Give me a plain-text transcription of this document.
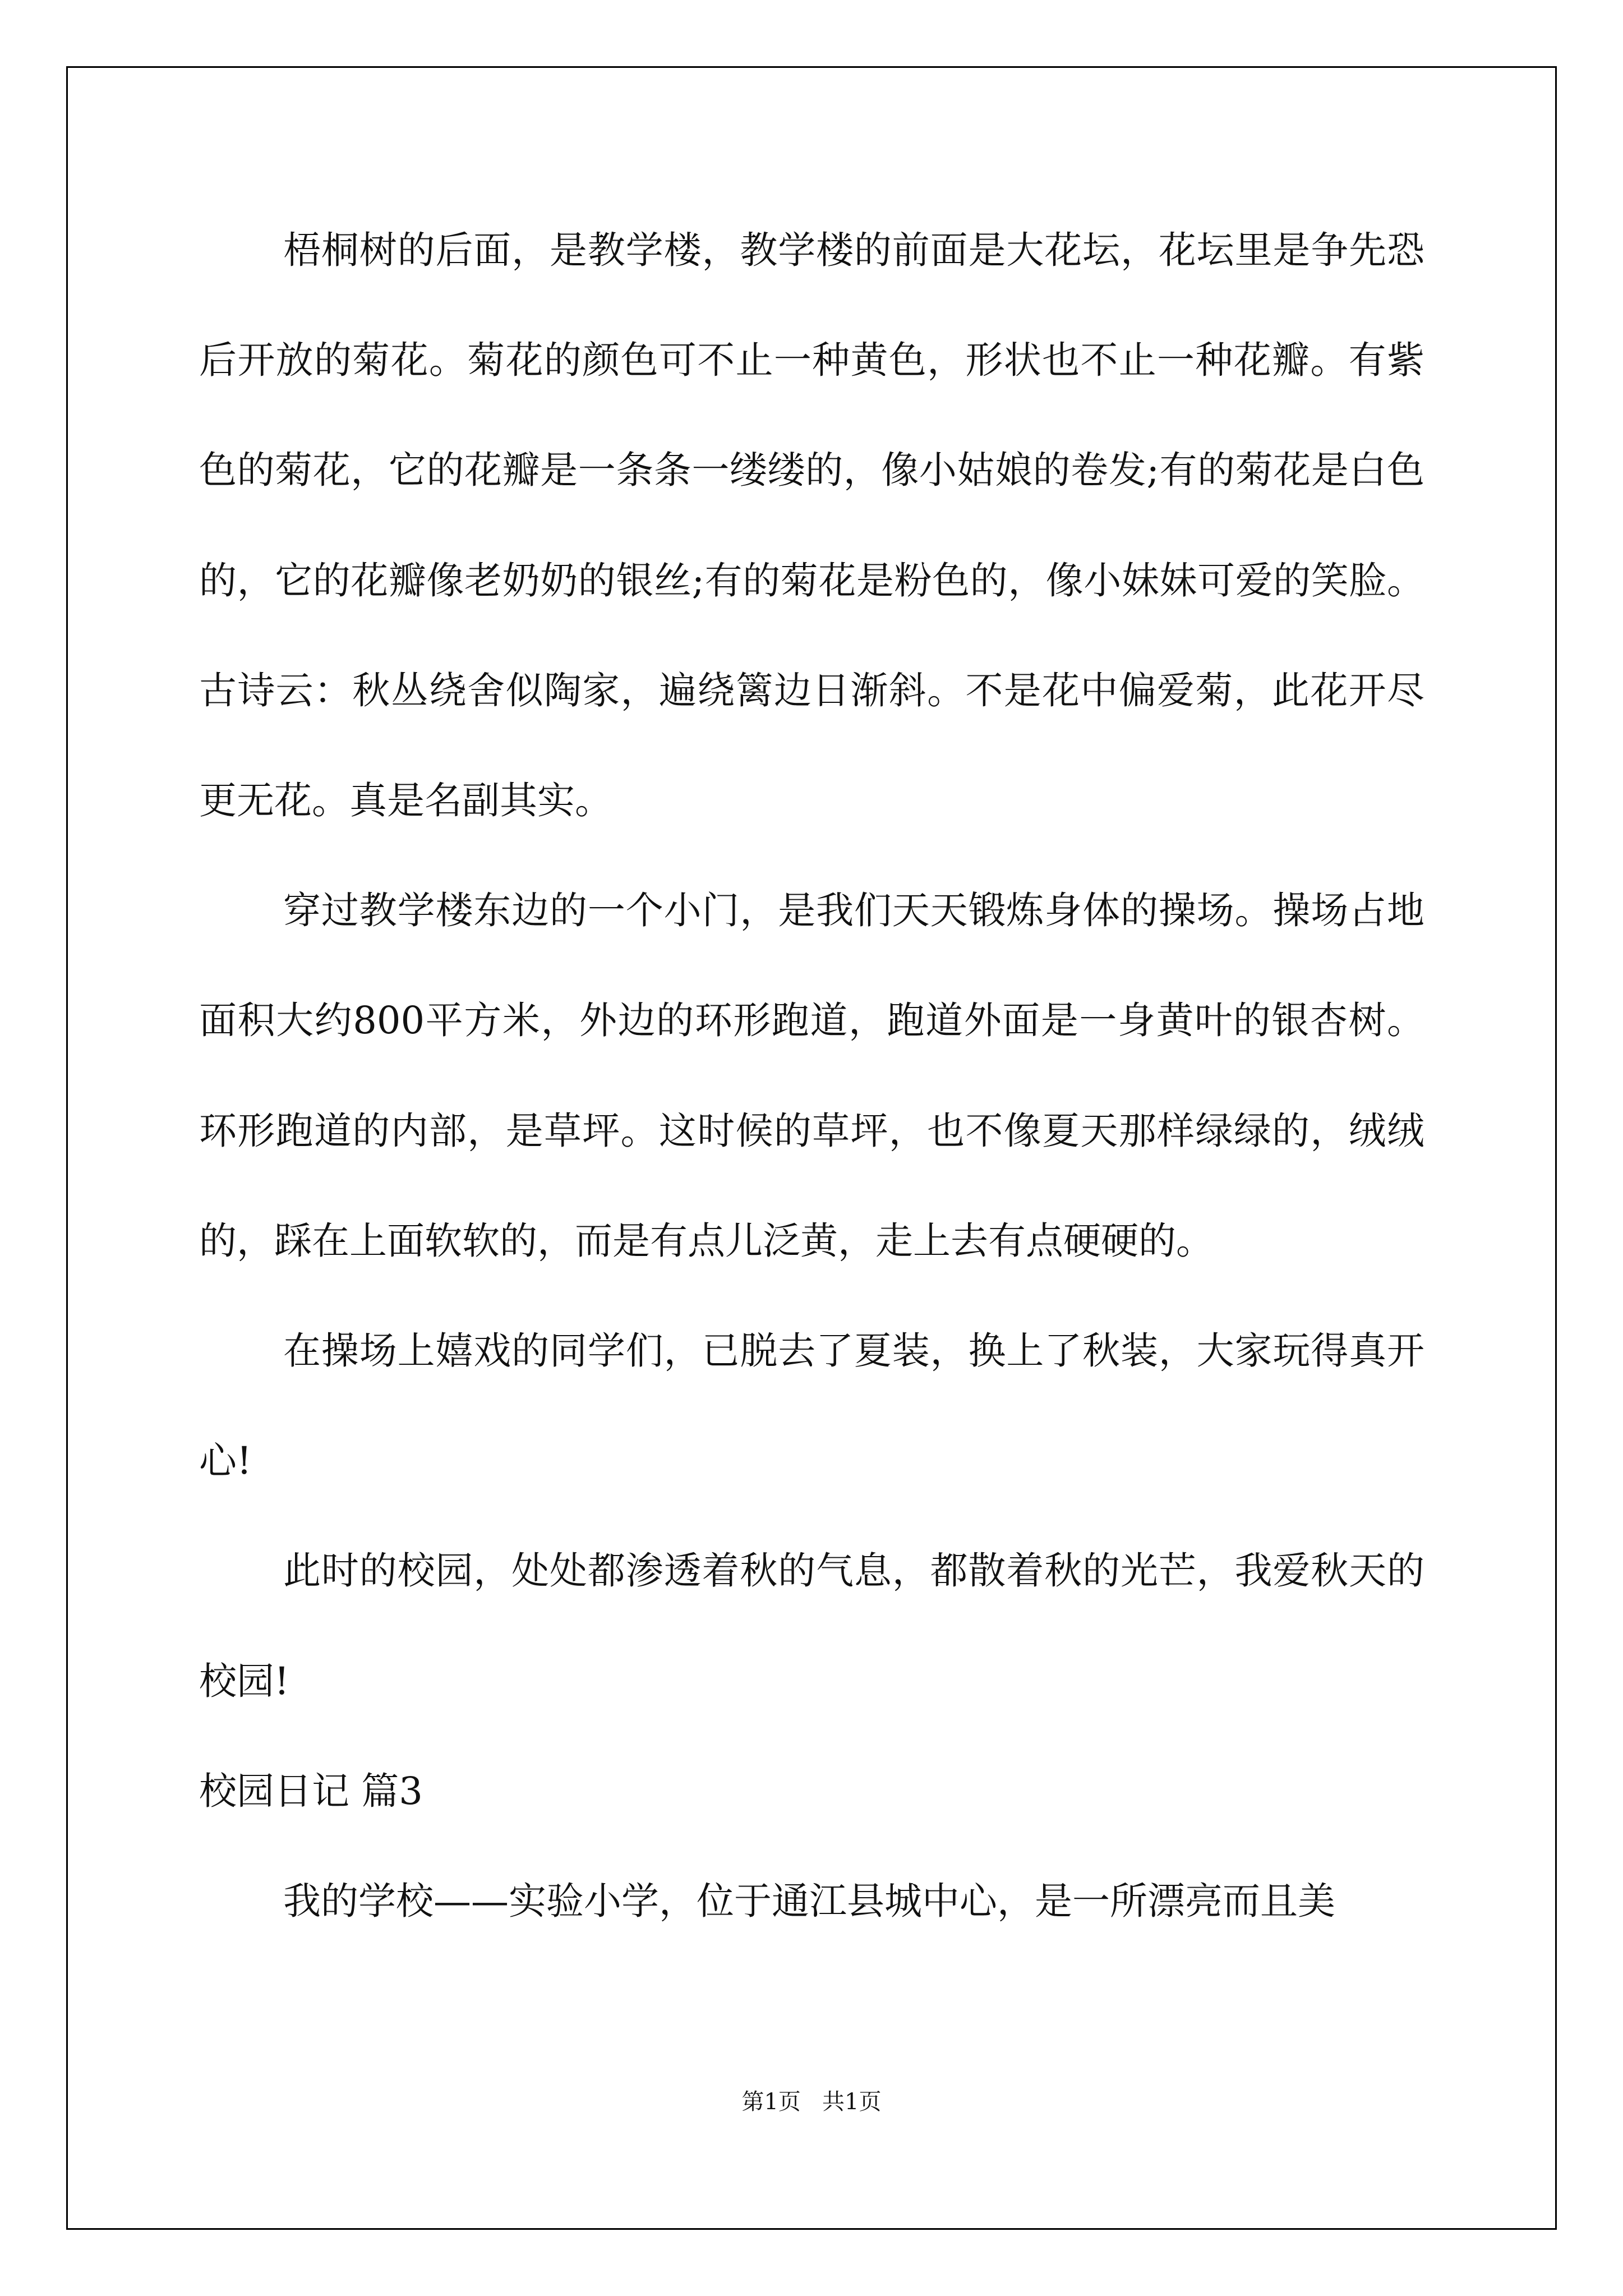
梧桐树的后面，是教学楼，教学楼的前面是大花坛，花坛里是争先恐后开放的菊花。菊花的颜色可不止一种黄色，形状也不止一种花瓣。有紫色的菊花，它的花瓣是一条条一缕缕的，像小姑娘的卷发;有的菊花是白色的，它的花瓣像老奶奶的银丝;有的菊花是粉色的，像小妹妹可爱的笑脸。古诗云：秋丛绕舍似陶家，遍绕篱边日渐斜。不是花中偏爱菊，此花开尽更无花。真是名副其实。

穿过教学楼东边的一个小门，是我们天天锻炼身体的操场。操场占地面积大约800平方米，外边的环形跑道，跑道外面是一身黄叶的银杏树。环形跑道的内部，是草坪。这时候的草坪，也不像夏天那样绿绿的，绒绒的，踩在上面软软的，而是有点儿泛黄，走上去有点硬硬的。

在操场上嬉戏的同学们，已脱去了夏装，换上了秋装，大家玩得真开心!

此时的校园，处处都渗透着秋的气息，都散着秋的光芒，我爱秋天的校园!

校园日记 篇3

我的学校——实验小学，位于通江县城中心，是一所漂亮而且美

第1页   共1页
